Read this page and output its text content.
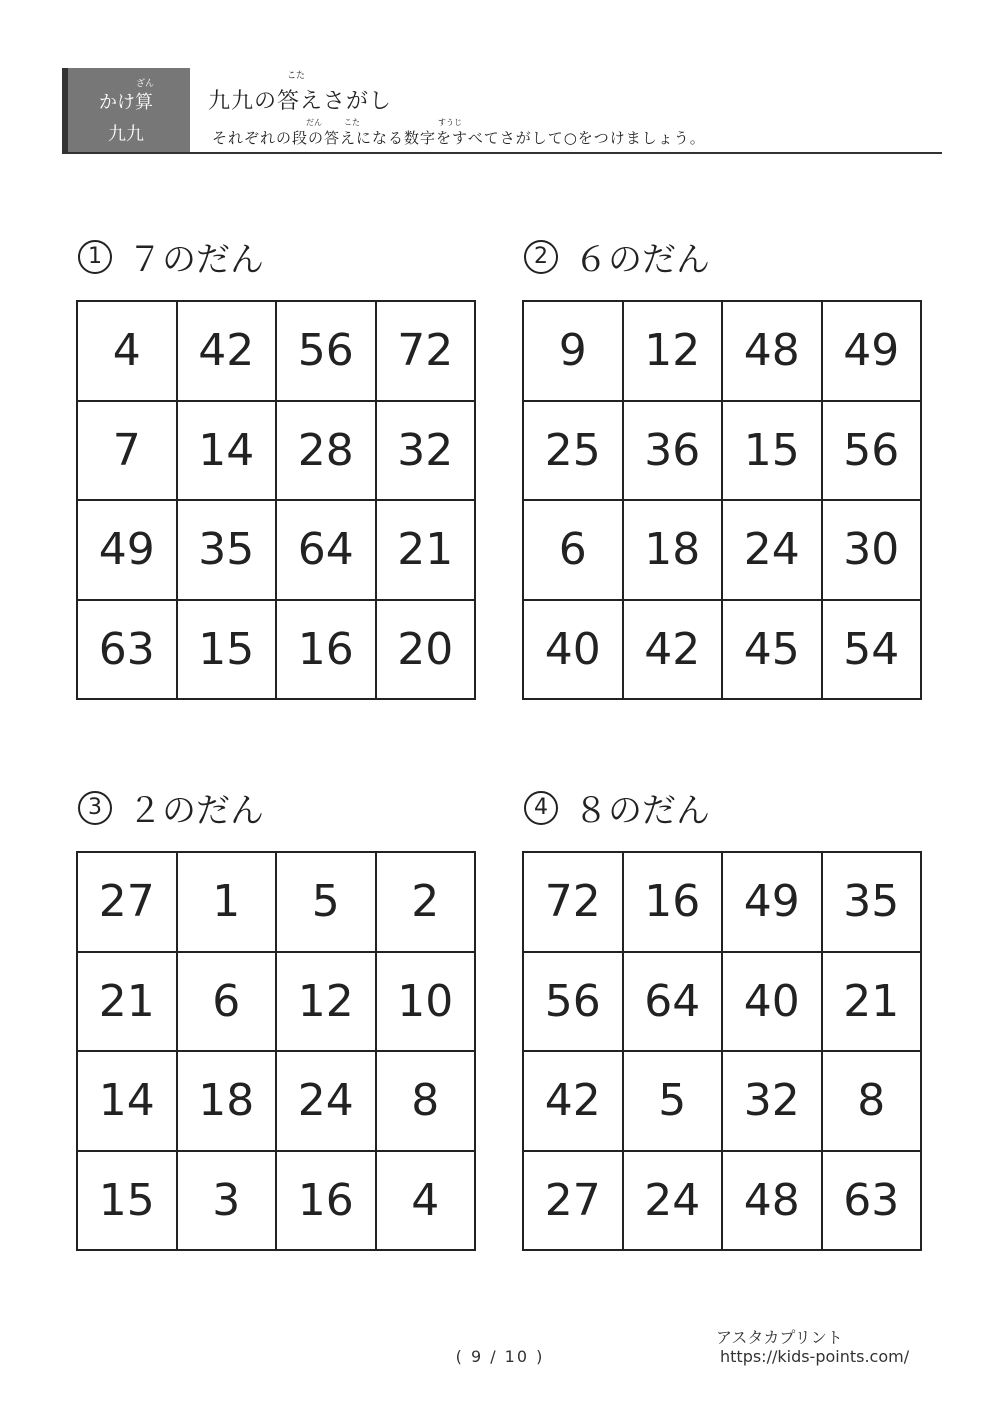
ざん
かけ算
九九
こた
九九の答えさがし
だん	こた	すうじ
それぞれの段の答えになる数字をすべてさがして○をつけましょう。
1 ７のだん
4	42 56 72
7	14 28 32
49 35 64 21
63 15 16 20
2 ６のだん
9	12 48 49
25 36 15 56
6	18 24 30
40 42 45 54
3 ２のだん
27	1	5	2
21	6	12 10
14 18 24	8
15	3	16	4
4 ８のだん
72 16 49 35
56 64 40 21
42	5	32	8
27 24 48 63
( 9 / 10 )
アスタカプリント
https://kids-points.com/
